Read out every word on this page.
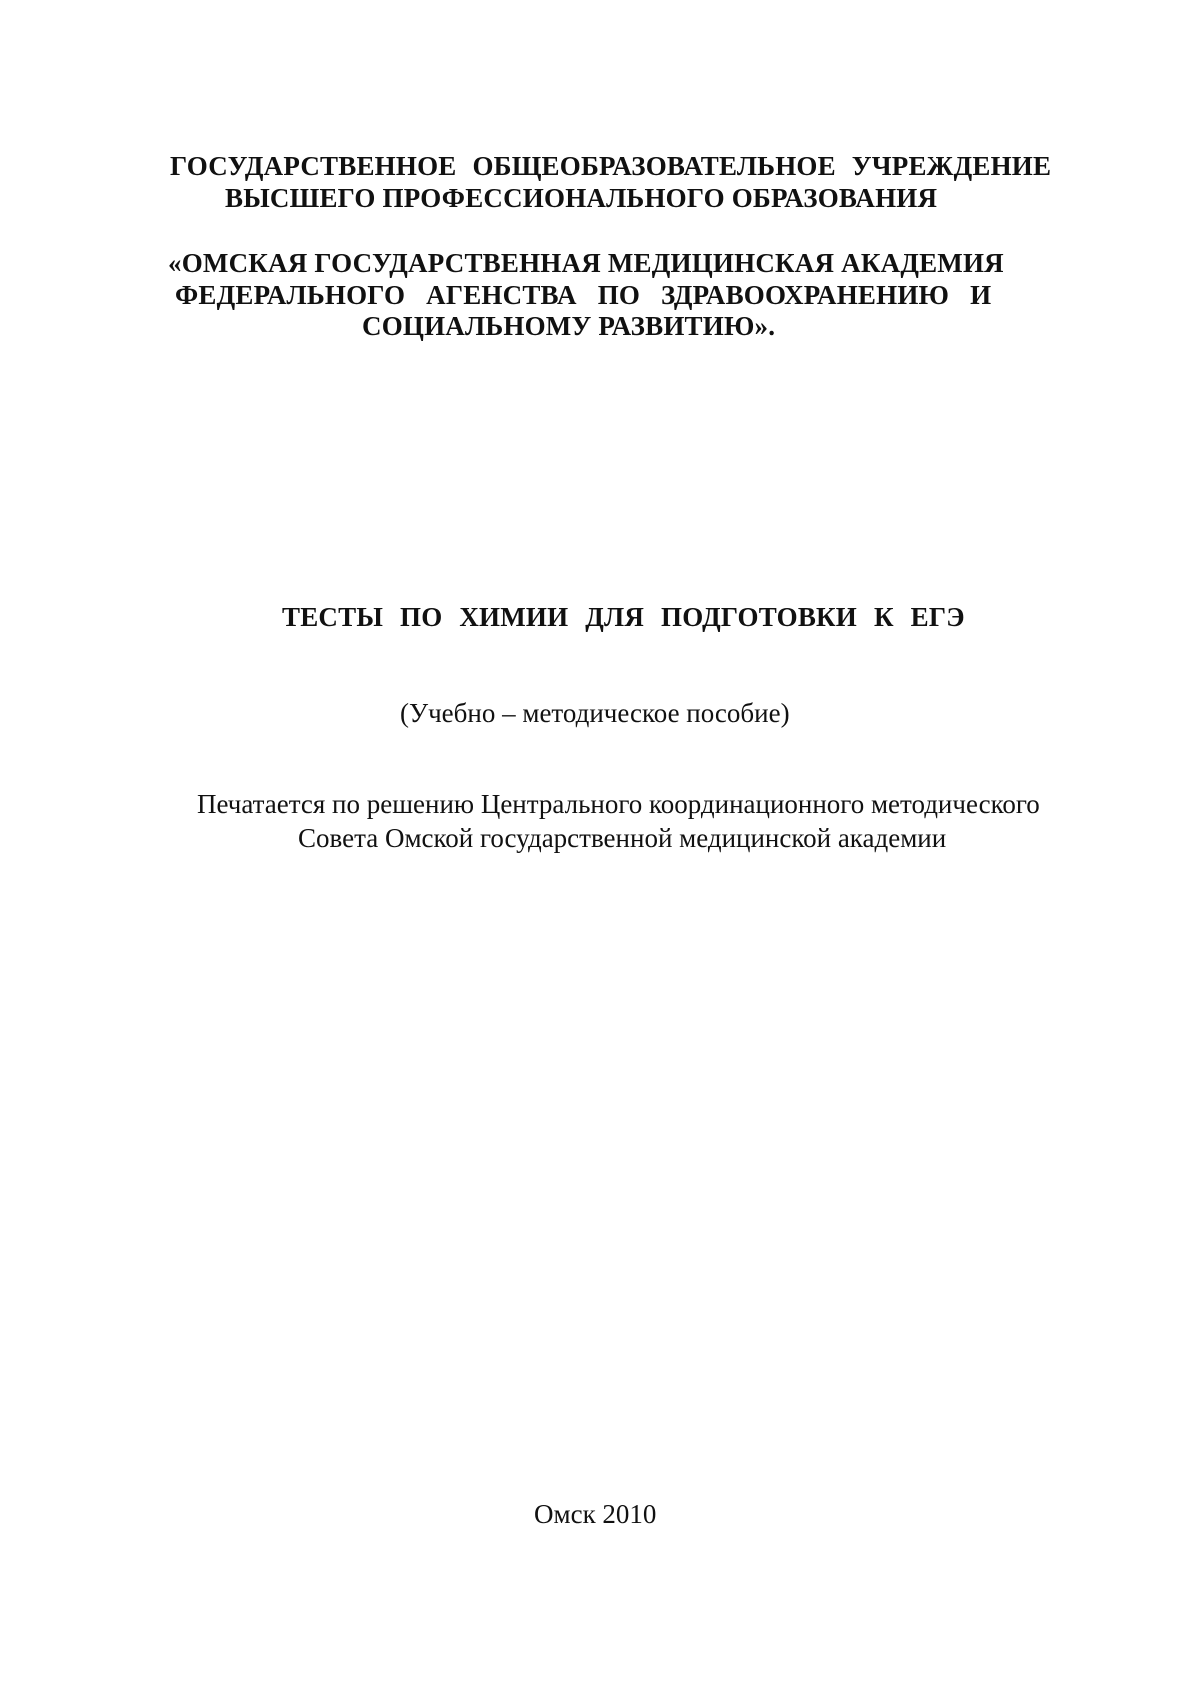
ГОСУДАРСТВЕННОЕ ОБЩЕОБРАЗОВАТЕЛЬНОЕ УЧРЕЖДЕНИЕ
ВЫСШЕГО ПРОФЕССИОНАЛЬНОГО ОБРАЗОВАНИЯ
«ОМСКАЯ ГОСУДАРСТВЕННАЯ МЕДИЦИНСКАЯ АКАДЕМИЯ
ФЕДЕРАЛЬНОГО АГЕНСТВА ПО ЗДРАВООХРАНЕНИЮ И
СОЦИАЛЬНОМУ РАЗВИТИЮ».
ТЕСТЫ ПО ХИМИИ ДЛЯ ПОДГОТОВКИ К ЕГЭ
(Учебно – методическое пособие)
Печатается по решению Центрального координационного методического
Совета Омской государственной медицинской академии
Омск 2010
